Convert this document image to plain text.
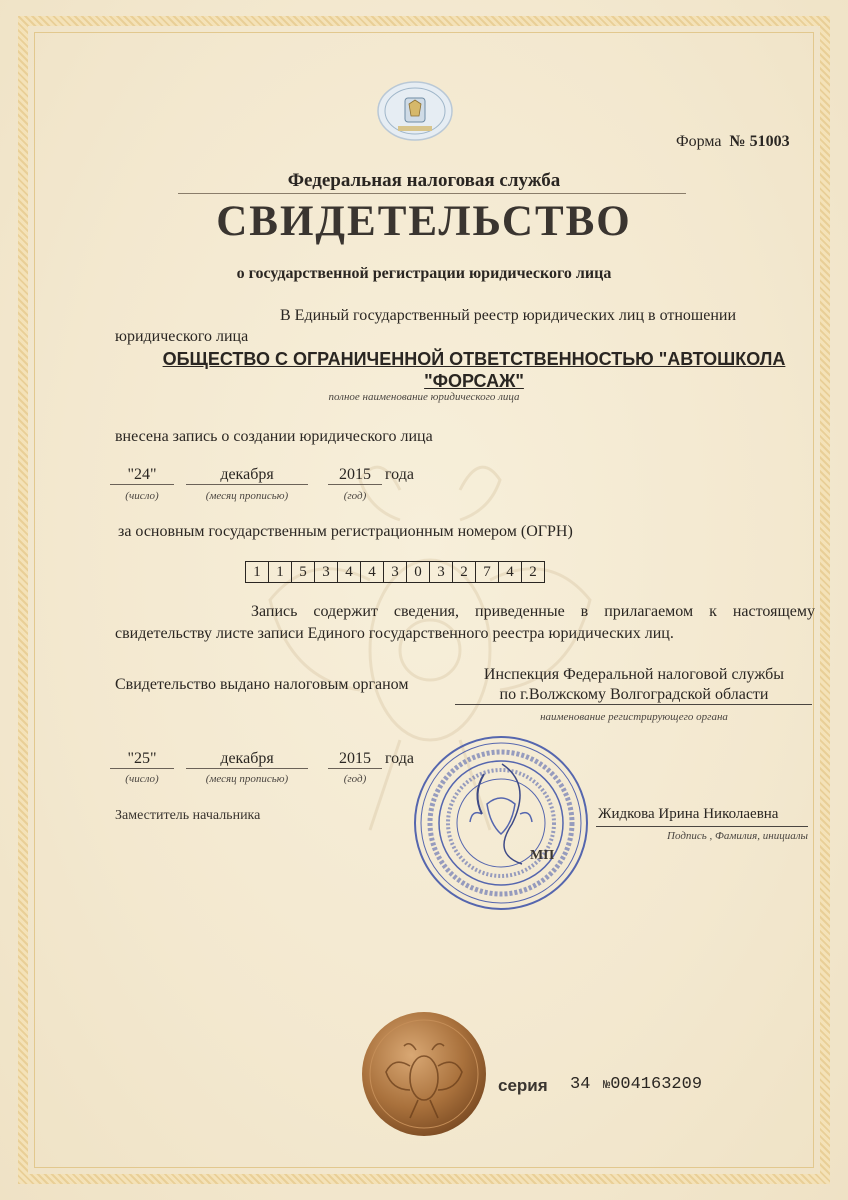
Форма № 51003
Федеральная налоговая служба
СВИДЕТЕЛЬСТВО
о государственной регистрации юридического лица
В Единый государственный реестр юридических лиц в отношении
юридического лица
ОБЩЕСТВО С ОГРАНИЧЕННОЙ ОТВЕТСТВЕННОСТЬЮ "АВТОШКОЛА "ФОРСАЖ"
полное наименование юридического лица
внесена запись о создании юридического лица
"24"	декабря	2015 года
(число)	(месяц прописью)	(год)
за основным государственным регистрационным номером (ОГРН)
1	1	5	3	4	4	3	0	3	2	7	4	2
Запись содержит сведения, приведенные в прилагаемом к настоящему свидетельству листе записи Единого государственного реестра юридических лиц.
Свидетельство выдано налоговым органом
Инспекция Федеральной налоговой службы
по г.Волжскому Волгоградской области
наименование регистрирующего органа
"25"	декабря	2015 года
(число)	(месяц прописью)	(год)
Заместитель начальника
МП
Жидкова Ирина Николаевна
Подпись , Фамилия, инициалы
серия 34 №004163209
